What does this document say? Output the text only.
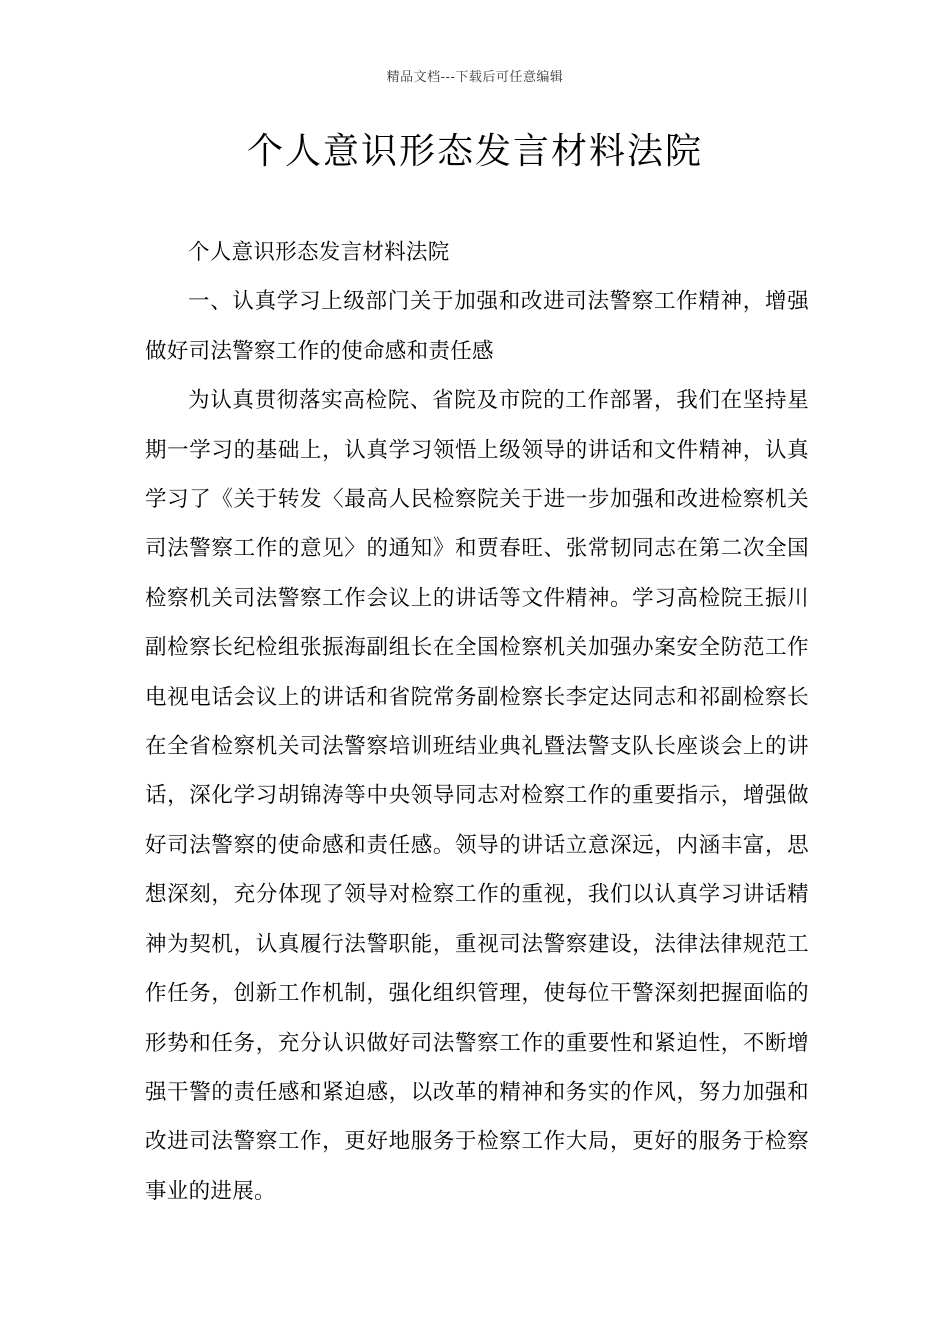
精品文档---下载后可任意编辑
个人意识形态发言材料法院

个人意识形态发言材料法院

一、认真学习上级部门关于加强和改进司法警察工作精神，增强做好司法警察工作的使命感和责任感

为认真贯彻落实高检院、省院及市院的工作部署，我们在坚持星期一学习的基础上，认真学习领悟上级领导的讲话和文件精神，认真学习了《关于转发〈最高人民检察院关于进一步加强和改进检察机关司法警察工作的意见〉的通知》和贾春旺、张常韧同志在第二次全国检察机关司法警察工作会议上的讲话等文件精神。学习高检院王振川副检察长纪检组张振海副组长在全国检察机关加强办案安全防范工作电视电话会议上的讲话和省院常务副检察长李定达同志和祁副检察长在全省检察机关司法警察培训班结业典礼暨法警支队长座谈会上的讲话，深化学习胡锦涛等中央领导同志对检察工作的重要指示，增强做好司法警察的使命感和责任感。领导的讲话立意深远，内涵丰富，思想深刻，充分体现了领导对检察工作的重视，我们以认真学习讲话精神为契机，认真履行法警职能，重视司法警察建设，法律法律规范工作任务，创新工作机制，强化组织管理，使每位干警深刻把握面临的形势和任务，充分认识做好司法警察工作的重要性和紧迫性，不断增强干警的责任感和紧迫感，以改革的精神和务实的作风，努力加强和改进司法警察工作，更好地服务于检察工作大局，更好的服务于检察事业的进展。
